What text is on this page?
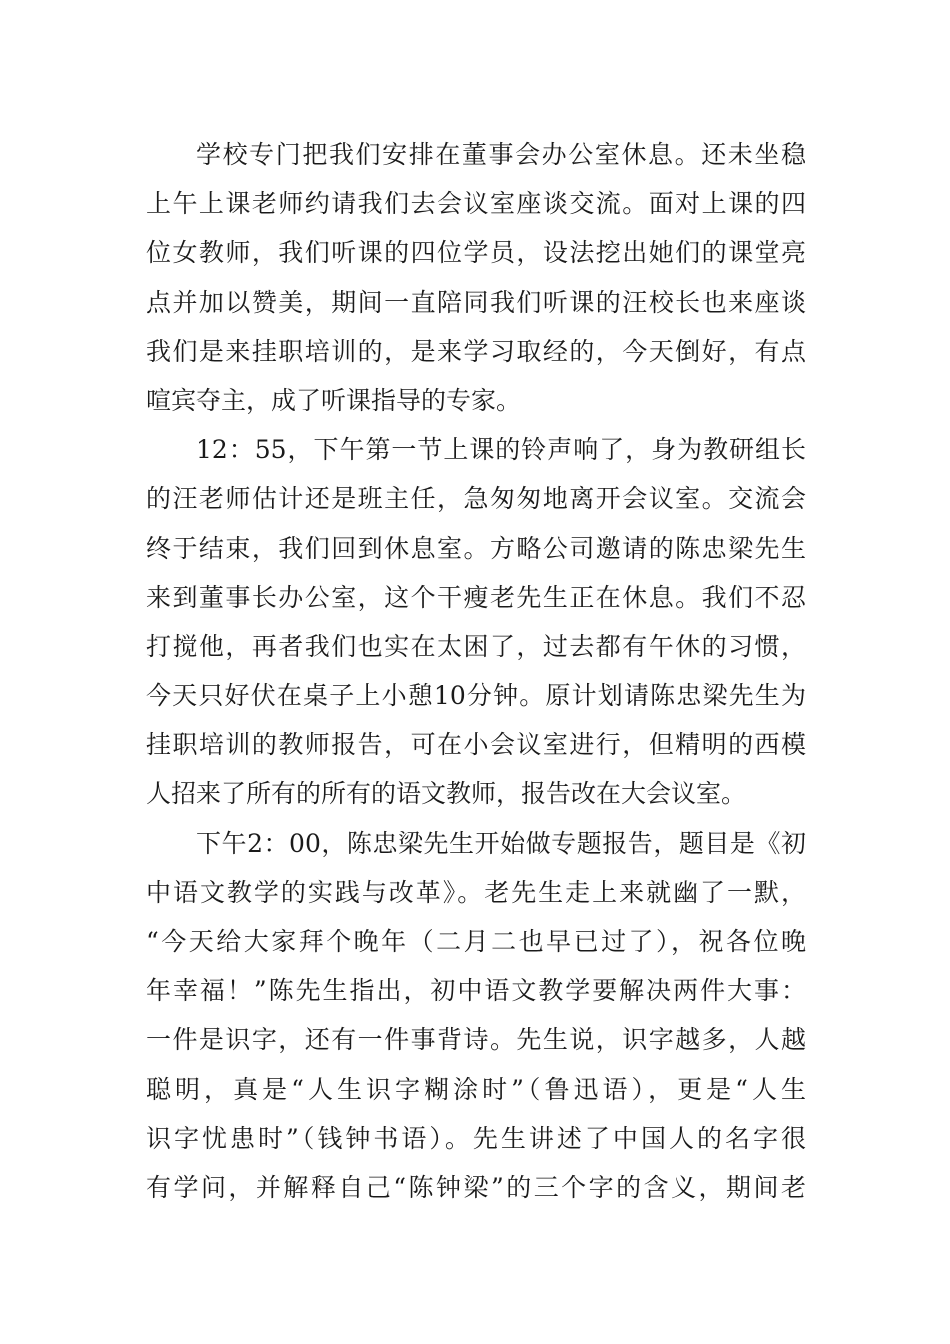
学校专门把我们安排在董事会办公室休息。还未坐稳
上午上课老师约请我们去会议室座谈交流。面对上课的四
位女教师，我们听课的四位学员，设法挖出她们的课堂亮
点并加以赞美，期间一直陪同我们听课的汪校长也来座谈
我们是来挂职培训的，是来学习取经的，今天倒好，有点
喧宾夺主，成了听课指导的专家。
12：55，下午第一节上课的铃声响了，身为教研组长
的汪老师估计还是班主任，急匆匆地离开会议室。交流会
终于结束，我们回到休息室。方略公司邀请的陈忠梁先生
来到董事长办公室，这个干瘦老先生正在休息。我们不忍
打搅他，再者我们也实在太困了，过去都有午休的习惯，
今天只好伏在桌子上小憩10分钟。原计划请陈忠梁先生为
挂职培训的教师报告，可在小会议室进行，但精明的西模
人招来了所有的所有的语文教师，报告改在大会议室。
下午2：00，陈忠梁先生开始做专题报告，题目是《初
中语文教学的实践与改革》。老先生走上来就幽了一默，
“今天给大家拜个晚年（二月二也早已过了），祝各位晚
年幸福！”陈先生指出，初中语文教学要解决两件大事：
一件是识字，还有一件事背诗。先生说，识字越多，人越
聪明，真是“人生识字糊涂时”（鲁迅语），更是“人生
识字忧患时”（钱钟书语）。先生讲述了中国人的名字很
有学问，并解释自己“陈钟梁”的三个字的含义，期间老
